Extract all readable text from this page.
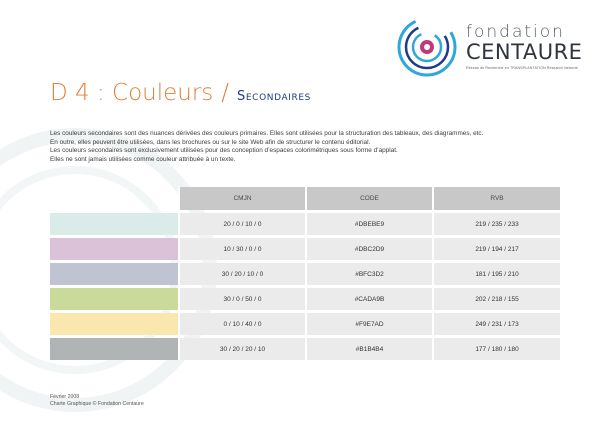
fondation
CENTAURE
Réseau de Recherche en TRANSPLANTATION Research Network
D 4 : Couleurs / Secondaires

Les couleurs secondaires sont des nuances dérivées des couleurs primaires. Elles sont utilisées pour la structuration des tableaux, des diagrammes, etc.

En outre, elles peuvent être utilisées, dans les brochures ou sur le site Web afin de structurer le contenu éditorial.

Les couleurs secondaires sont exclusivement utilisées pour des conception d’espaces colorimétriques sous forme d’applat.

Elles ne sont jamais utilisées comme couleur attribuée à un texte.

	CMJN	CODE	RVB
	20 / 0 / 10 / 0	#DBEBE9	219 / 235 / 233
	10 / 30 / 0 / 0	#DBC2D9	219 / 194 / 217
	30 / 20 / 10 / 0	#BFC3D2	181 / 195 / 210
	30 / 0 / 50 / 0	#CADA9B	202 / 218 / 155
	0 / 10 / 40 / 0	#F9E7AD	249 / 231 / 173
	30 / 20 / 20 / 10	#B1B4B4	177 / 180 / 180
Février 2008
Charte Graphique © Fondation Centaure
